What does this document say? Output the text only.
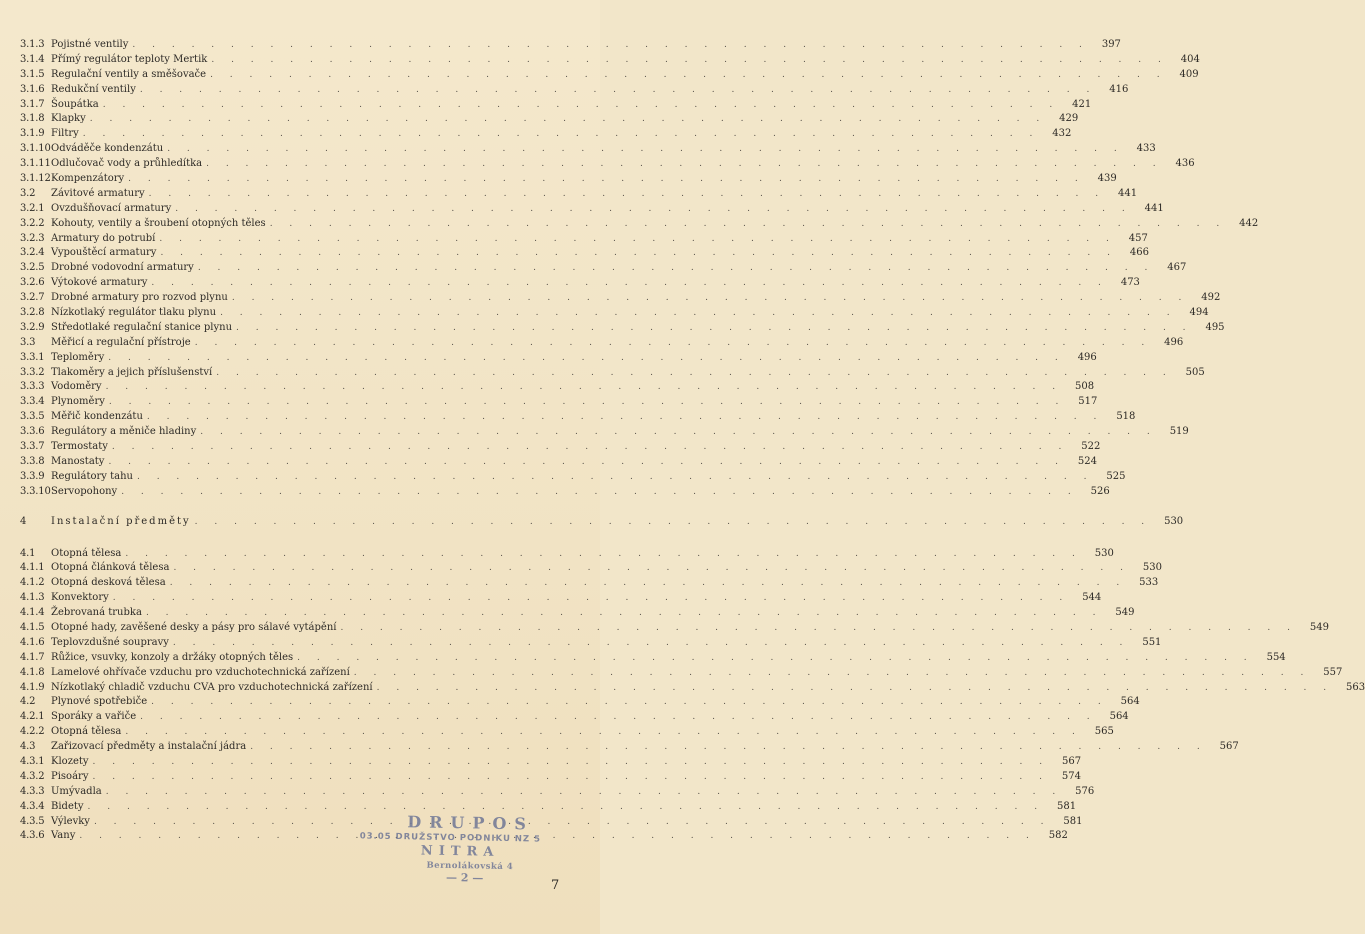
3.1.3 Pojistné ventily . . .	397
3.1.4 Přímý regulátor teploty Mertik . . .	404
3.1.5 Regulační ventily a směšovače . . .	409
3.1.6 Redukční ventily . . .	416
3.1.7 Šoupátka . . .	421
3.1.8 Klapky . . .	429
3.1.9 Filtry . . .	432
3.1.10 Odváděče kondenzátu . . .	433
3.1.11 Odlučovač vody a průhledítka . . .	436
3.1.12 Kompenzátory . . .	439
3.2	Závitové armatury . . .	441
3.2.1 Ovzdušňovací armatury . . .	441
3.2.2 Kohouty, ventily a šroubení otopných těles . . .	442
3.2.3 Armatury do potrubí . . .	457
3.2.4 Vypouštěcí armatury . . .	466
3.2.5 Drobné vodovodní armatury . . .	467
3.2.6 Výtokové armatury . . .	473
3.2.7 Drobné armatury pro rozvod plynu . . .	492
3.2.8 Nízkotlaký regulátor tlaku plynu . . .	494
3.2.9 Středotlaké regulační stanice plynu . . .	495
3.3	Měřicí a regulační přístroje . . .	496
3.3.1 Teploměry . . .	496
3.3.2 Tlakoměry a jejich příslušenství . . .	505
3.3.3 Vodoměry . . .	508
3.3.4 Plynoměry . . .	517
3.3.5 Měřič kondenzátu . . .	518
3.3.6 Regulátory a měniče hladiny . . .	519
3.3.7 Termostaty . . .	522
3.3.8 Manostaty . . .	524
3.3.9 Regulátory tahu . . .	525
3.3.10 Servopohony . . .	526
4	Instalační předměty . . .	530
4.1	Otopná tělesa . . .	530
4.1.1 Otopná článková tělesa . . .	530
4.1.2 Otopná desková tělesa . . .	533
4.1.3 Konvektory . . .	544
4.1.4 Žebrovaná trubka . . .	549
4.1.5 Otopné hady, zavěšené desky a pásy pro sálavé vytápění . . .	549
4.1.6 Teplovzdušné soupravy . . .	551
4.1.7 Růžice, vsuvky, konzoly a držáky otopných těles . . .	554
4.1.8 Lamelové ohřívače vzduchu pro vzduchotechnická zařízení . . .	557
4.1.9 Nízkotlaký chladič vzduchu CVA pro vzduchotechnická zařízení . . .	563
4.2	Plynové spotřebiče . . .	564
4.2.1 Sporáky a vařiče . . .	564
4.2.2 Otopná tělesa . . .	565
4.3	Zařizovací předměty a instalační jádra . . .	567
4.3.1 Klozety . . .	567
4.3.2 Pisoáry . . .	574
4.3.3 Umývadla . . .	576
4.3.4 Bidety . . .	581
4.3.5 Výlevky . . .	581
4.3.6 Vany . . .	582
DRUPOS
03.05 DRUŽSTVO PODNIKU NZ 5
NITRA
Bernolákovská 4
— 2 —
7
